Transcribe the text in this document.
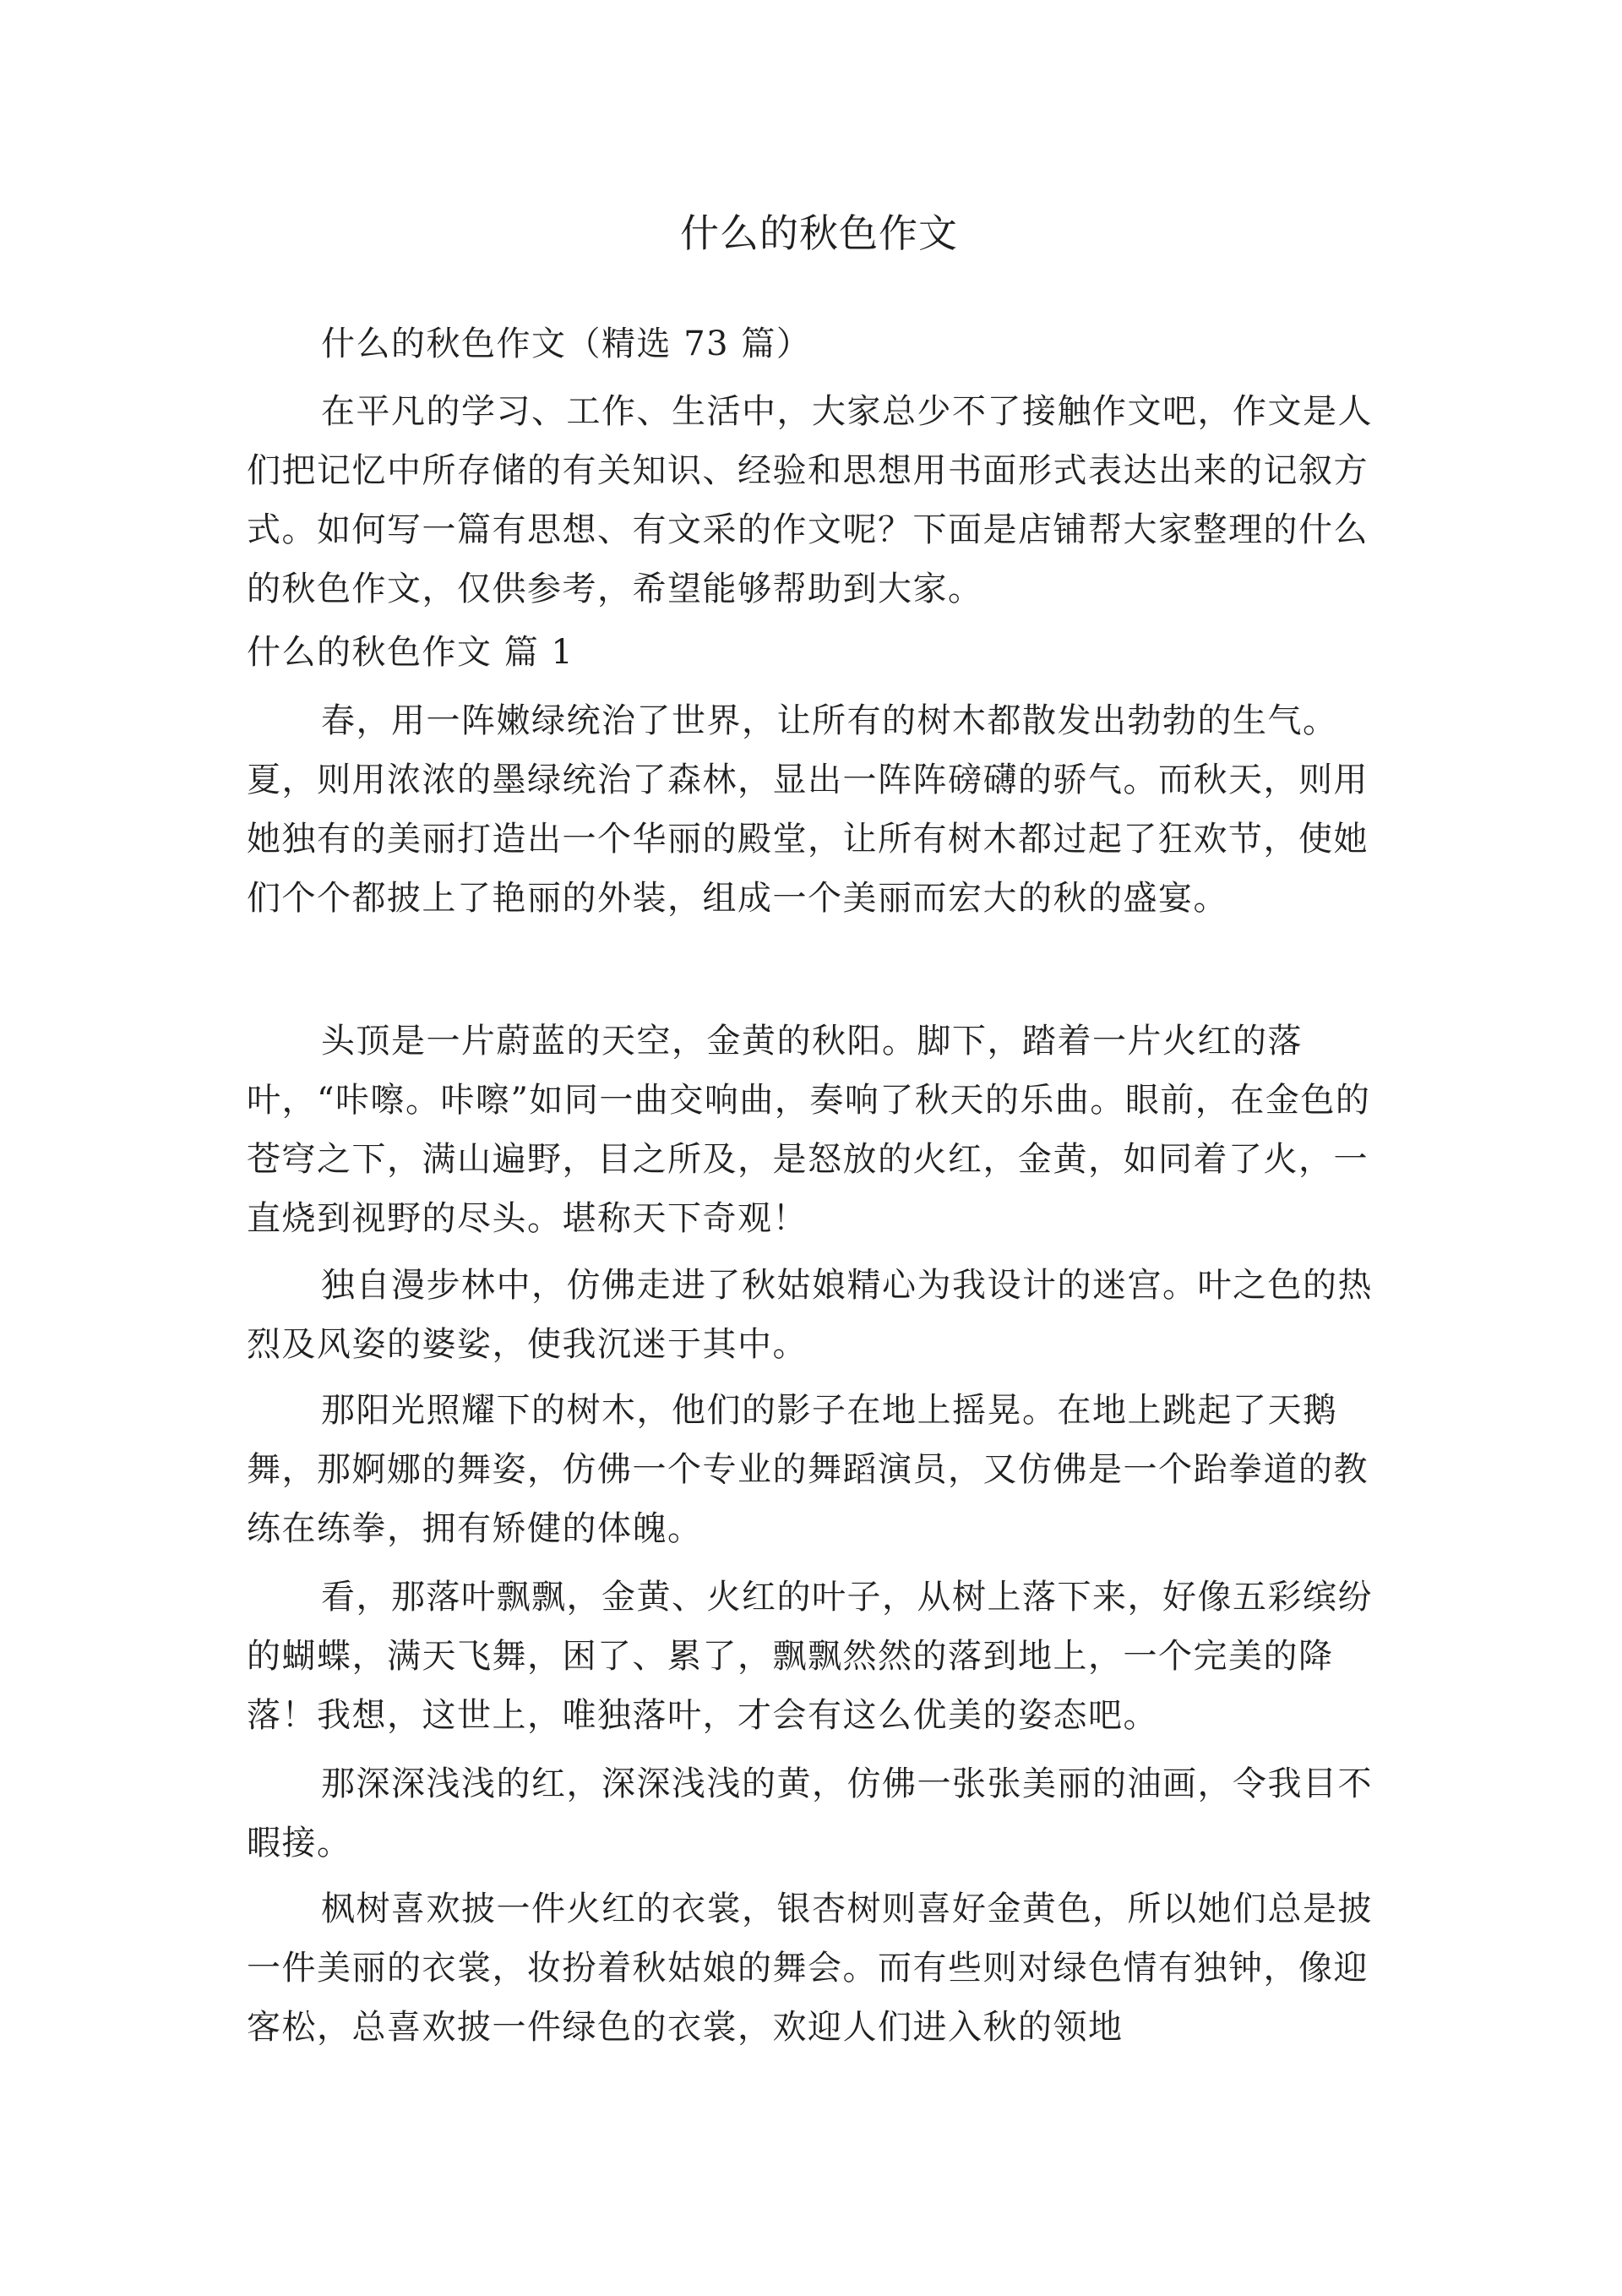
什么的秋色作文

什么的秋色作文（精选 73 篇）

在平凡的学习、工作、生活中，大家总少不了接触作文吧，作文是人们把记忆中所存储的有关知识、经验和思想用书面形式表达出来的记叙方式。如何写一篇有思想、有文采的作文呢？下面是店铺帮大家整理的什么的秋色作文，仅供参考，希望能够帮助到大家。

什么的秋色作文 篇 1

春，用一阵嫩绿统治了世界，让所有的树木都散发出勃勃的生气。夏，则用浓浓的墨绿统治了森林，显出一阵阵磅礴的骄气。而秋天，则用她独有的美丽打造出一个华丽的殿堂，让所有树木都过起了狂欢节，使她们个个都披上了艳丽的外装，组成一个美丽而宏大的秋的盛宴。

头顶是一片蔚蓝的天空，金黄的秋阳。脚下，踏着一片火红的落叶，“咔嚓。咔嚓”如同一曲交响曲，奏响了秋天的乐曲。眼前，在金色的苍穹之下，满山遍野，目之所及，是怒放的火红，金黄，如同着了火，一直烧到视野的尽头。堪称天下奇观！

独自漫步林中，仿佛走进了秋姑娘精心为我设计的迷宫。叶之色的热烈及风姿的婆娑，使我沉迷于其中。

那阳光照耀下的树木，他们的影子在地上摇晃。在地上跳起了天鹅舞，那婀娜的舞姿，仿佛一个专业的舞蹈演员，又仿佛是一个跆拳道的教练在练拳，拥有矫健的体魄。

看，那落叶飘飘，金黄、火红的叶子，从树上落下来，好像五彩缤纷的蝴蝶，满天飞舞，困了、累了，飘飘然然的落到地上，一个完美的降落！我想，这世上，唯独落叶，才会有这么优美的姿态吧。

那深深浅浅的红，深深浅浅的黄，仿佛一张张美丽的油画，令我目不暇接。

枫树喜欢披一件火红的衣裳，银杏树则喜好金黄色，所以她们总是披一件美丽的衣裳，妆扮着秋姑娘的舞会。而有些则对绿色情有独钟，像迎客松，总喜欢披一件绿色的衣裳，欢迎人们进入秋的领地
